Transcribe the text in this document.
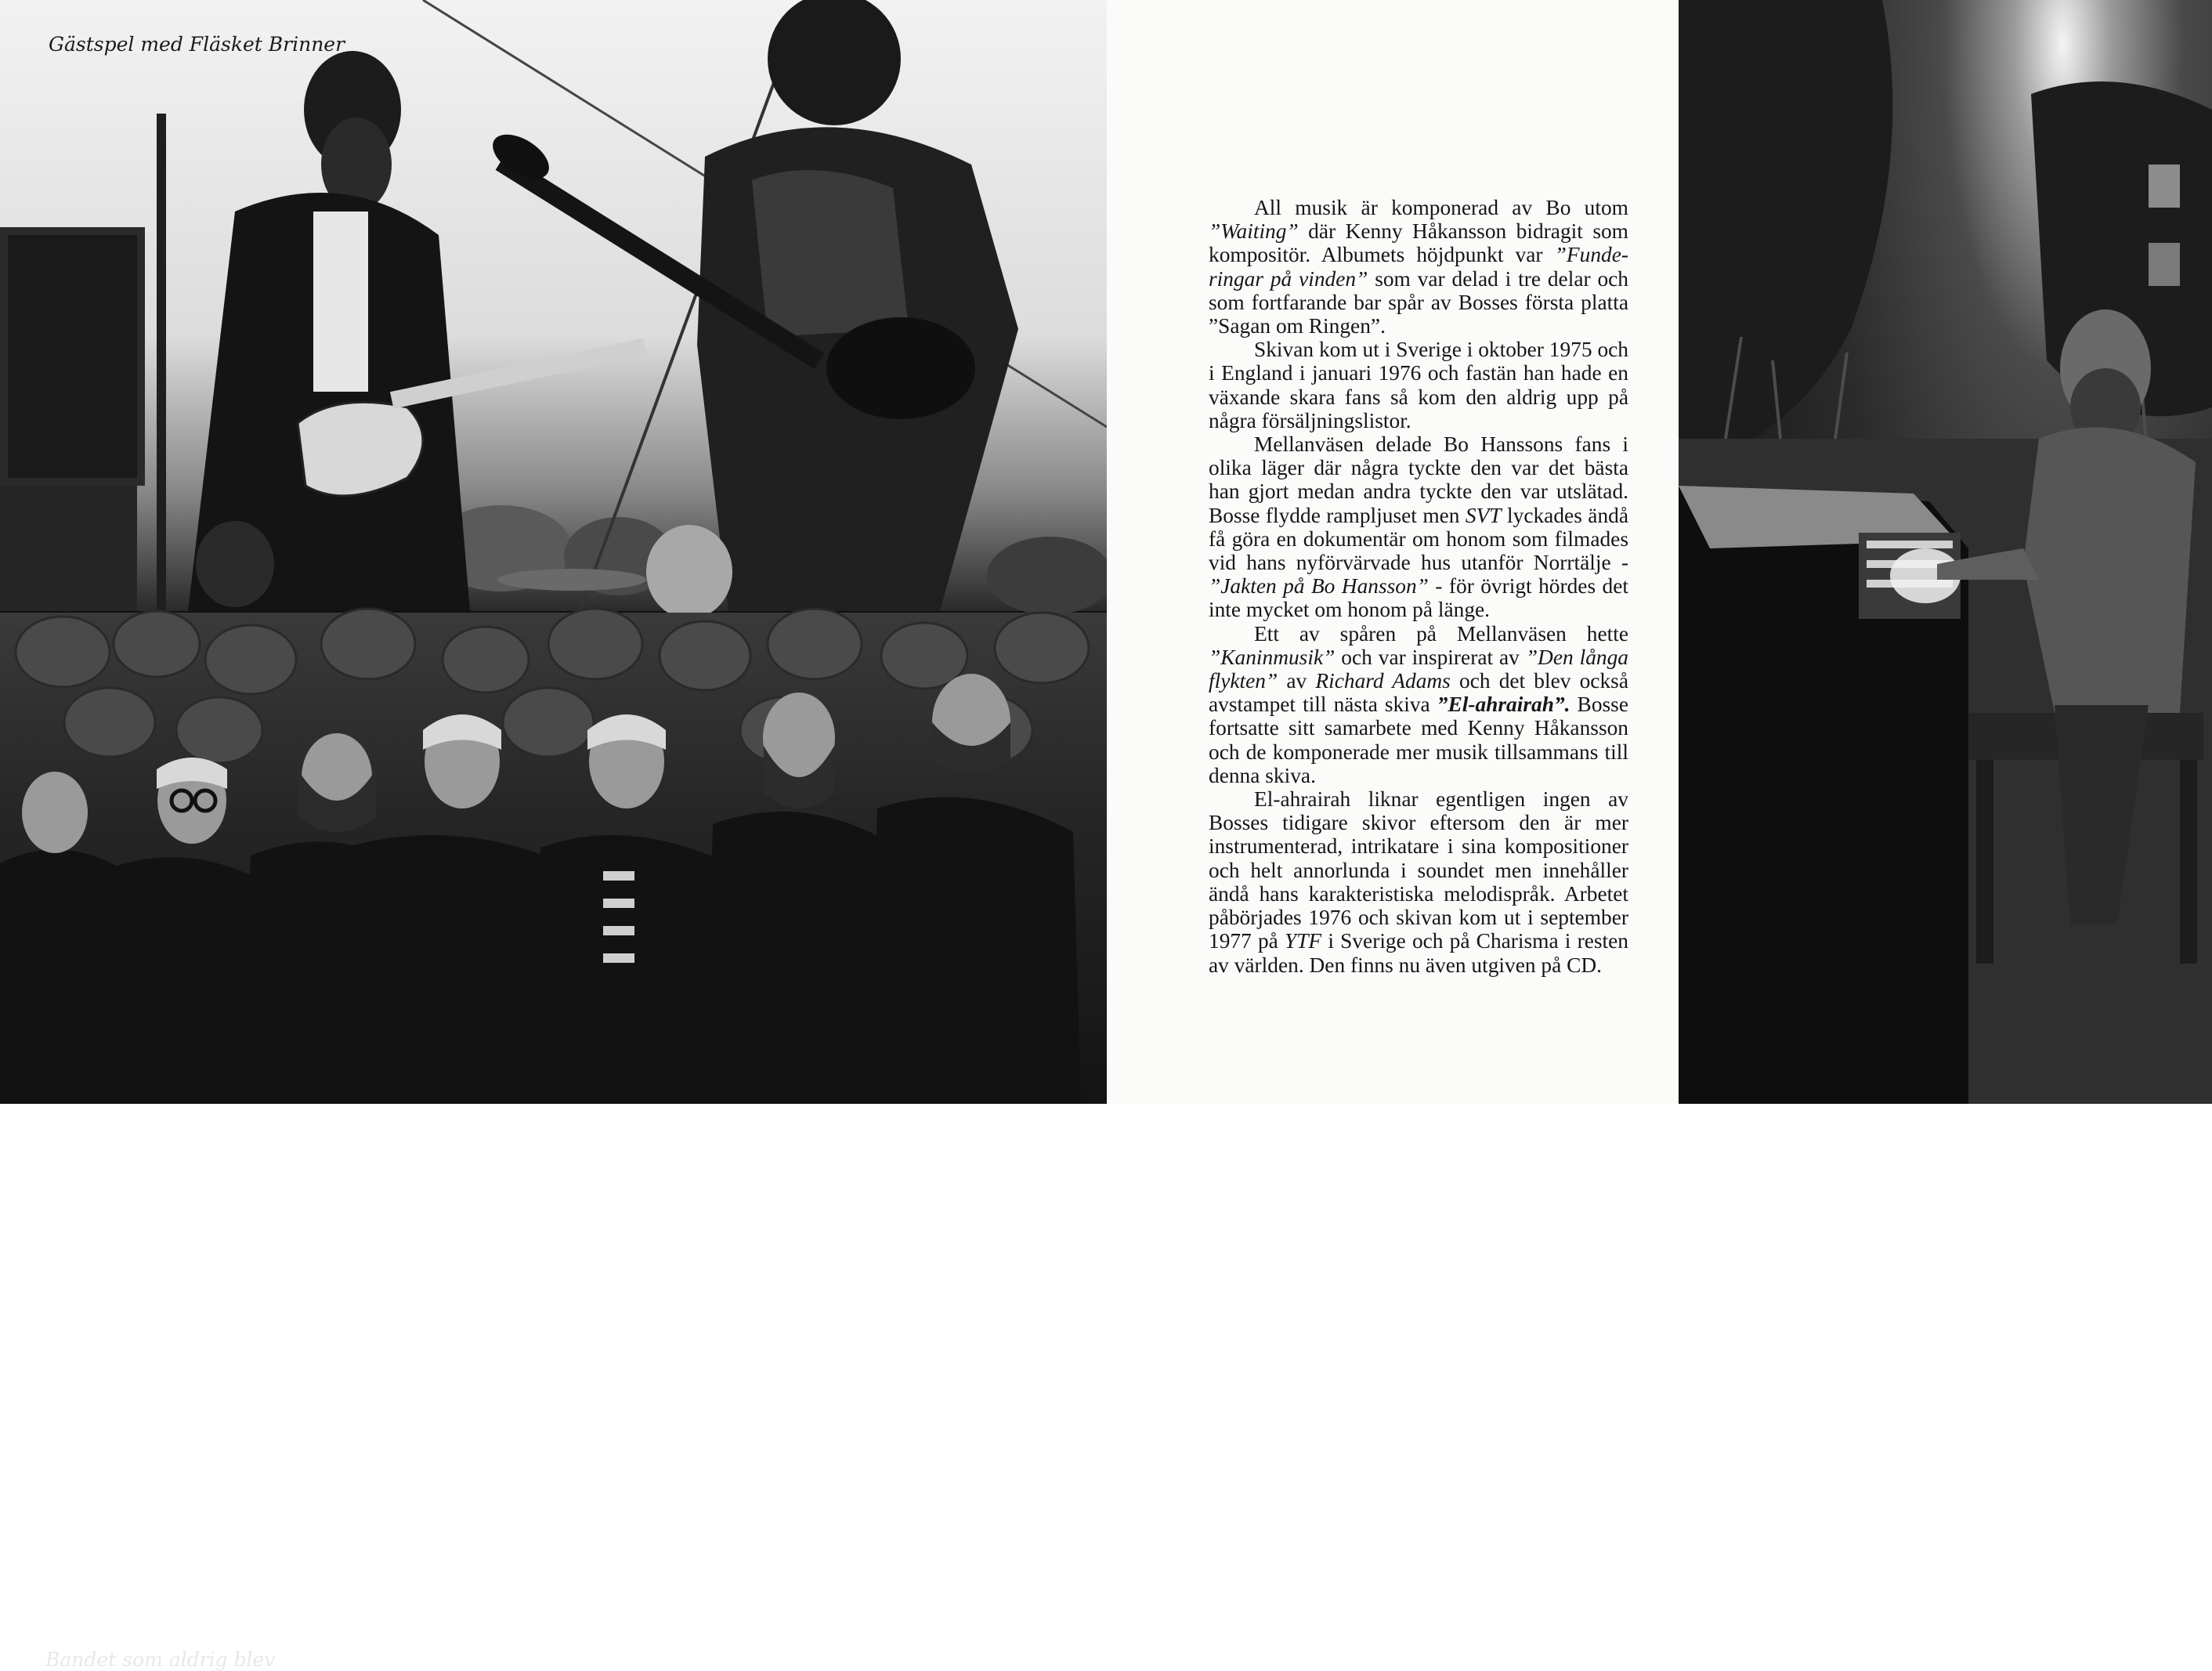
Gästspel med Fläsket Brinner
Bandet som aldrig blev

All musik är komponerad av Bo utom ”Waiting” där Kenny Håkansson bidragit som kompositör. Albumets höjdpunkt var ”Funderingar på vinden” som var delad i tre delar och som fortfarande bar spår av Bosses första platta ”Sagan om Ringen”.

Skivan kom ut i Sverige i oktober 1975 och i England i januari 1976 och fastän han hade en växande skara fans så kom den aldrig upp på några försäljningslistor.

Mellanväsen delade Bo Hanssons fans i olika läger där några tyckte den var det bästa han gjort medan andra tyckte den var utslätad. Bosse flydde rampljuset men SVT lyckades ändå få göra en dokumentär om honom som filmades vid hans nyförvärvade hus utanför Norrtälje - ”Jakten på Bo Hansson” - för övrigt hördes det inte mycket om honom på länge.

Ett av spåren på Mellanväsen hette ”Kaninmusik” och var inspirerat av ”Den långa flykten” av Richard Adams och det blev också avstampet till nästa skiva ”El-ahrairah”. Bosse fortsatte sitt samarbete med Kenny Håkansson och de komponerade mer musik tillsammans till denna skiva.

El-ahrairah liknar egentligen ingen av Bosses tidigare skivor eftersom den är mer instrumenterad, intrikatare i sina kompositioner och helt annorlunda i soundet men innehåller ändå hans karakteristiska melodispråk. Arbetet påbörjades 1976 och skivan kom ut i september 1977 på YTF i Sverige och på Charisma i resten av världen. Den finns nu även utgiven på CD.
